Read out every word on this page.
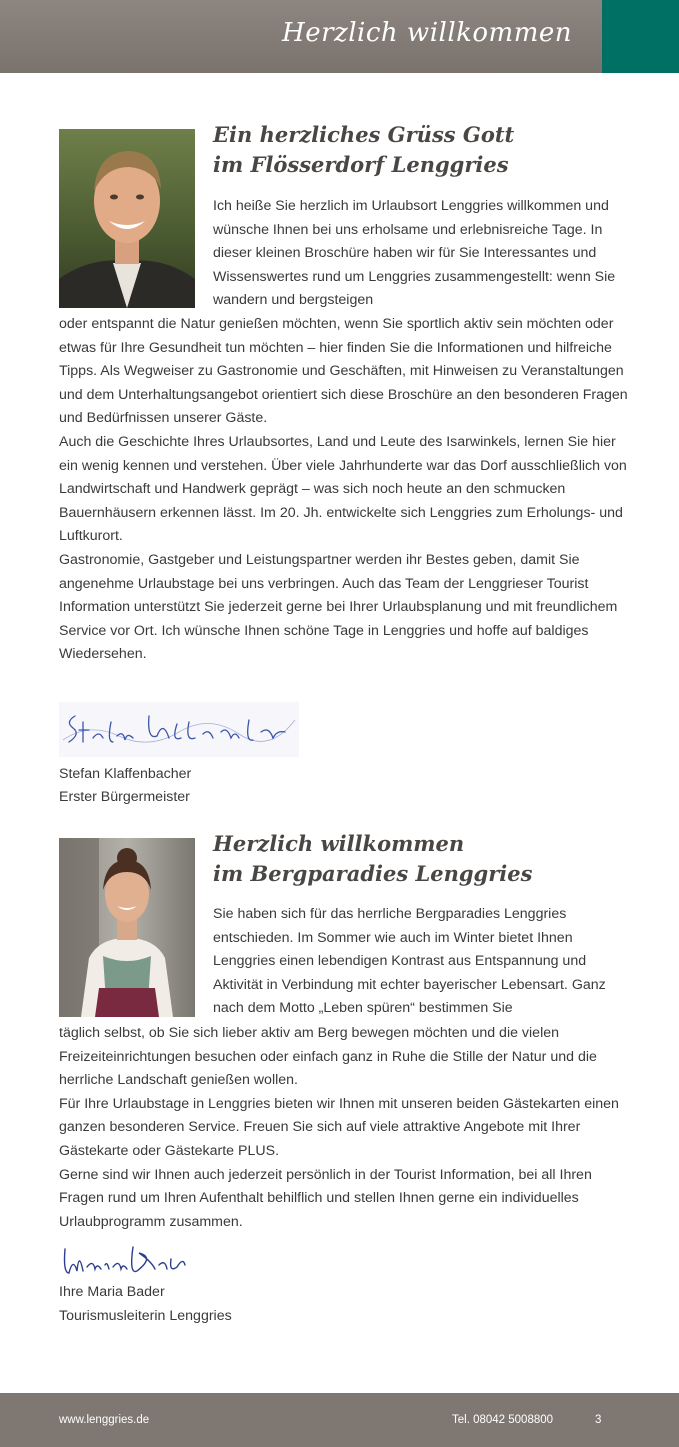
Herzlich willkommen
Ein herzliches Grüss Gott
im Flösserdorf Lenggries

Ich heiße Sie herzlich im Urlaubsort Lenggries willkommen und wünsche Ihnen bei uns erholsame und erlebnisreiche Tage. In dieser kleinen Broschüre haben wir für Sie Interessantes und Wissenswertes rund um Lenggries zusammengestellt: wenn Sie wandern und bergsteigen

oder entspannt die Natur genießen möchten, wenn Sie sportlich aktiv sein möchten oder etwas für Ihre Gesundheit tun möchten – hier finden Sie die Informationen und hilfreiche Tipps. Als Wegweiser zu Gastronomie und Geschäften, mit Hinweisen zu Veranstaltungen und dem Unterhaltungsangebot orientiert sich diese Broschüre an den besonderen Fragen und Bedürfnissen unserer Gäste.

Auch die Geschichte Ihres Urlaubsortes, Land und Leute des Isarwinkels, lernen Sie hier ein wenig kennen und verstehen. Über viele Jahrhunderte war das Dorf ausschließlich von Landwirtschaft und Handwerk geprägt – was sich noch heute an den schmucken Bauernhäusern erkennen lässt. Im 20. Jh. entwickelte sich Lenggries zum Erholungs- und Luftkurort.

Gastronomie, Gastgeber und Leistungspartner werden ihr Bestes geben, damit Sie angenehme Urlaubstage bei uns verbringen. Auch das Team der Lenggrieser Tourist Information unterstützt Sie jederzeit gerne bei Ihrer Urlaubsplanung und mit freundlichem Service vor Ort. Ich wünsche Ihnen schöne Tage in Lenggries und hoffe auf baldiges Wiedersehen.

Stefan Klaffenbacher
Erster Bürgermeister
Herzlich willkommen
im Bergparadies Lenggries

Sie haben sich für das herrliche Bergparadies Lenggries entschieden. Im Sommer wie auch im Winter bietet Ihnen Lenggries einen lebendigen Kontrast aus Entspannung und Aktivität in Verbindung mit echter bayerischer Lebensart. Ganz nach dem Motto „Leben spüren“ bestimmen Sie

täglich selbst, ob Sie sich lieber aktiv am Berg bewegen möchten und die vielen Freizeiteinrichtungen besuchen oder einfach ganz in Ruhe die Stille der Natur und die herrliche Landschaft genießen wollen.

Für Ihre Urlaubstage in Lenggries bieten wir Ihnen mit unseren beiden Gästekarten einen ganzen besonderen Service. Freuen Sie sich auf viele attraktive Angebote mit Ihrer Gästekarte oder Gästekarte PLUS.

Gerne sind wir Ihnen auch jederzeit persönlich in der Tourist Information, bei all Ihren Fragen rund um Ihren Aufenthalt behilflich und stellen Ihnen gerne ein individuelles Urlaubprogramm zusammen.

Ihre Maria Bader
Tourismusleiterin Lenggries
www.lenggries.de	Tel. 08042 5008800	3
